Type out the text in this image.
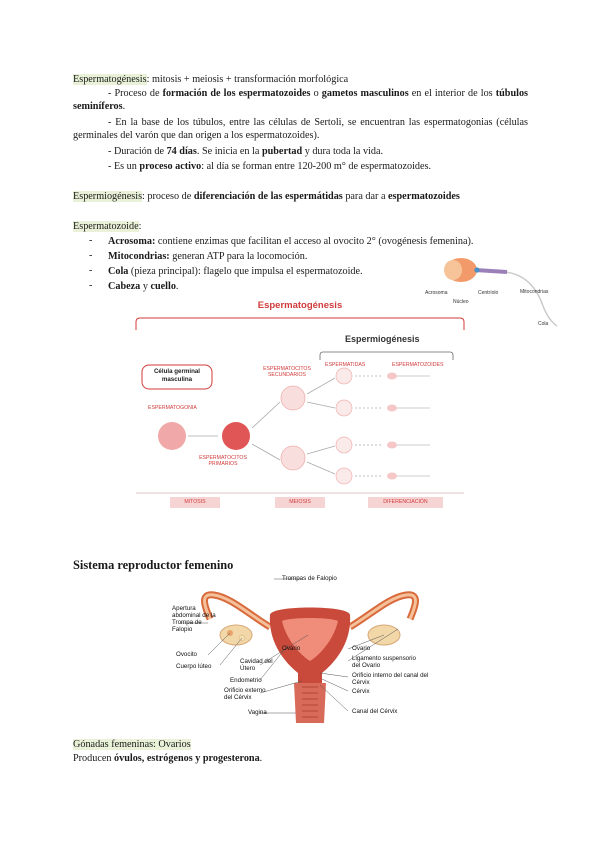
Espermatogénesis: mitosis + meiosis + transformación morfológica
- Proceso de formación de los espermatozoides o gametos masculinos en el interior de los túbulos seminíferos.
- En la base de los túbulos, entre las células de Sertoli, se encuentran las espermatogonias (células germinales del varón que dan origen a los espermatozoides).
- Duración de 74 días. Se inicia en la pubertad y dura toda la vida.
- Es un proceso activo: al día se forman entre 120-200 m° de espermatozoides.
Espermiogénesis: proceso de diferenciación de las espermátidas para dar a espermatozoides
Espermatozoide:
- Acrosoma: contiene enzimas que facilitan el acceso al ovocito 2° (ovogénesis femenina).
- Mitocondrias: generan ATP para la locomoción.
- Cola (pieza principal): flagelo que impulsa el espermatozoide.
- Cabeza y cuello.
Acrosoma
Núcleo
Centríolo	Mitocondrias
Cola
Espermatogénesis
Espermiogénesis
Célula germinal masculina
ESPERMATOGONIA
ESPERMATOCITOS PRIMARIOS
ESPERMATOCITOS SECUNDARIOS
ESPERMATIDAS	ESPERMATOZOIDES
MITOSIS	MEIOSIS	DIFERENCIACIÓN
Sistema reproductor femenino
Trompas de Falopio
Apertura abdominal de la Trompa de Falopio
Ovocito
Cuerpo lúteo
Ovario
Cavidad del Útero
Endometrio
Orificio externo del Cérvix
Vagina
Ovario
Ligamento suspensorio del Ovario
Orificio interno del canal del Cérvix
Cérvix
Canal del Cérvix
Gónadas femeninas: Ovarios
Producen óvulos, estrógenos y progesterona.
